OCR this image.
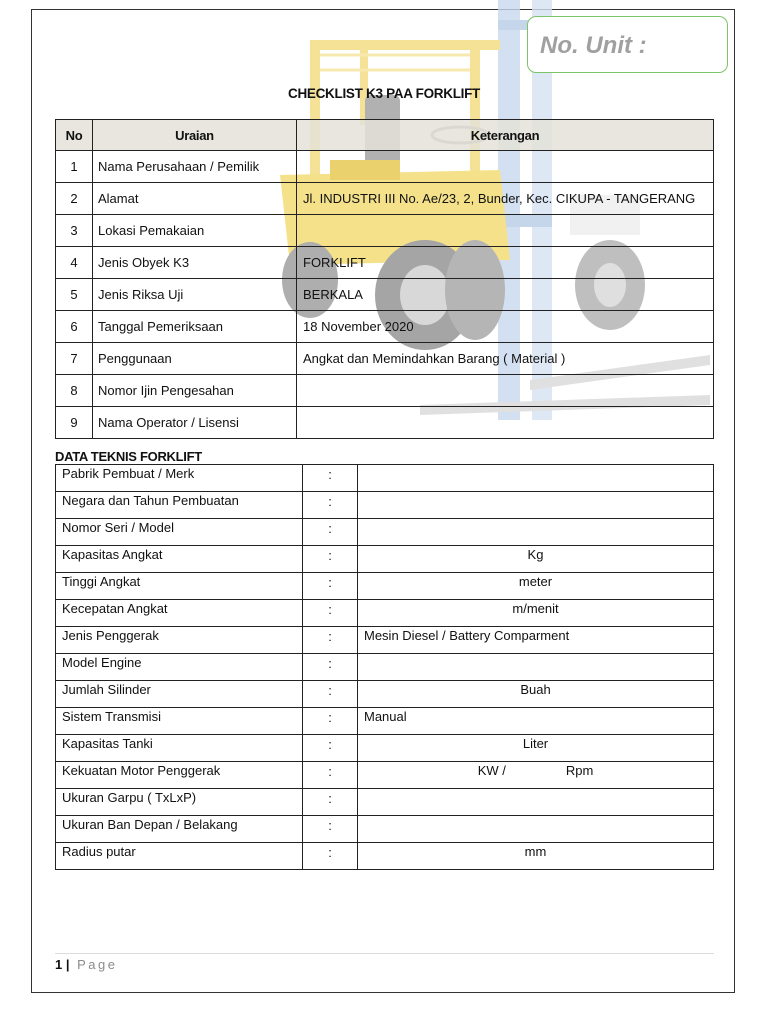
No. Unit :
CHECKLIST K3 PAA FORKLIFT
No	Uraian	Keterangan
1	Nama Perusahaan / Pemilik	
2	Alamat	Jl. INDUSTRI III No. Ae/23, 2, Bunder, Kec. CIKUPA - TANGERANG
3	Lokasi Pemakaian	
4	Jenis Obyek K3	FORKLIFT
5	Jenis Riksa Uji	BERKALA
6	Tanggal Pemeriksaan	18 November 2020
7	Penggunaan	Angkat dan Memindahkan Barang ( Material )
8	Nomor Ijin Pengesahan	
9	Nama Operator / Lisensi	
DATA TEKNIS FORKLIFT
Pabrik Pembuat / Merk	:	
Negara dan Tahun Pembuatan	:	
Nomor Seri / Model	:	
Kapasitas Angkat	:	Kg
Tinggi Angkat	:	meter
Kecepatan Angkat	:	m/menit
Jenis Penggerak	:	Mesin Diesel / Battery Comparment
Model Engine	:	
Jumlah Silinder	:	Buah
Sistem Transmisi	:	Manual
Kapasitas Tanki	:	Liter
Kekuatan Motor Penggerak	:	KW / Rpm
Ukuran Garpu ( TxLxP)	:	
Ukuran Ban Depan / Belakang	:	
Radius putar	:	mm
1 | Page
